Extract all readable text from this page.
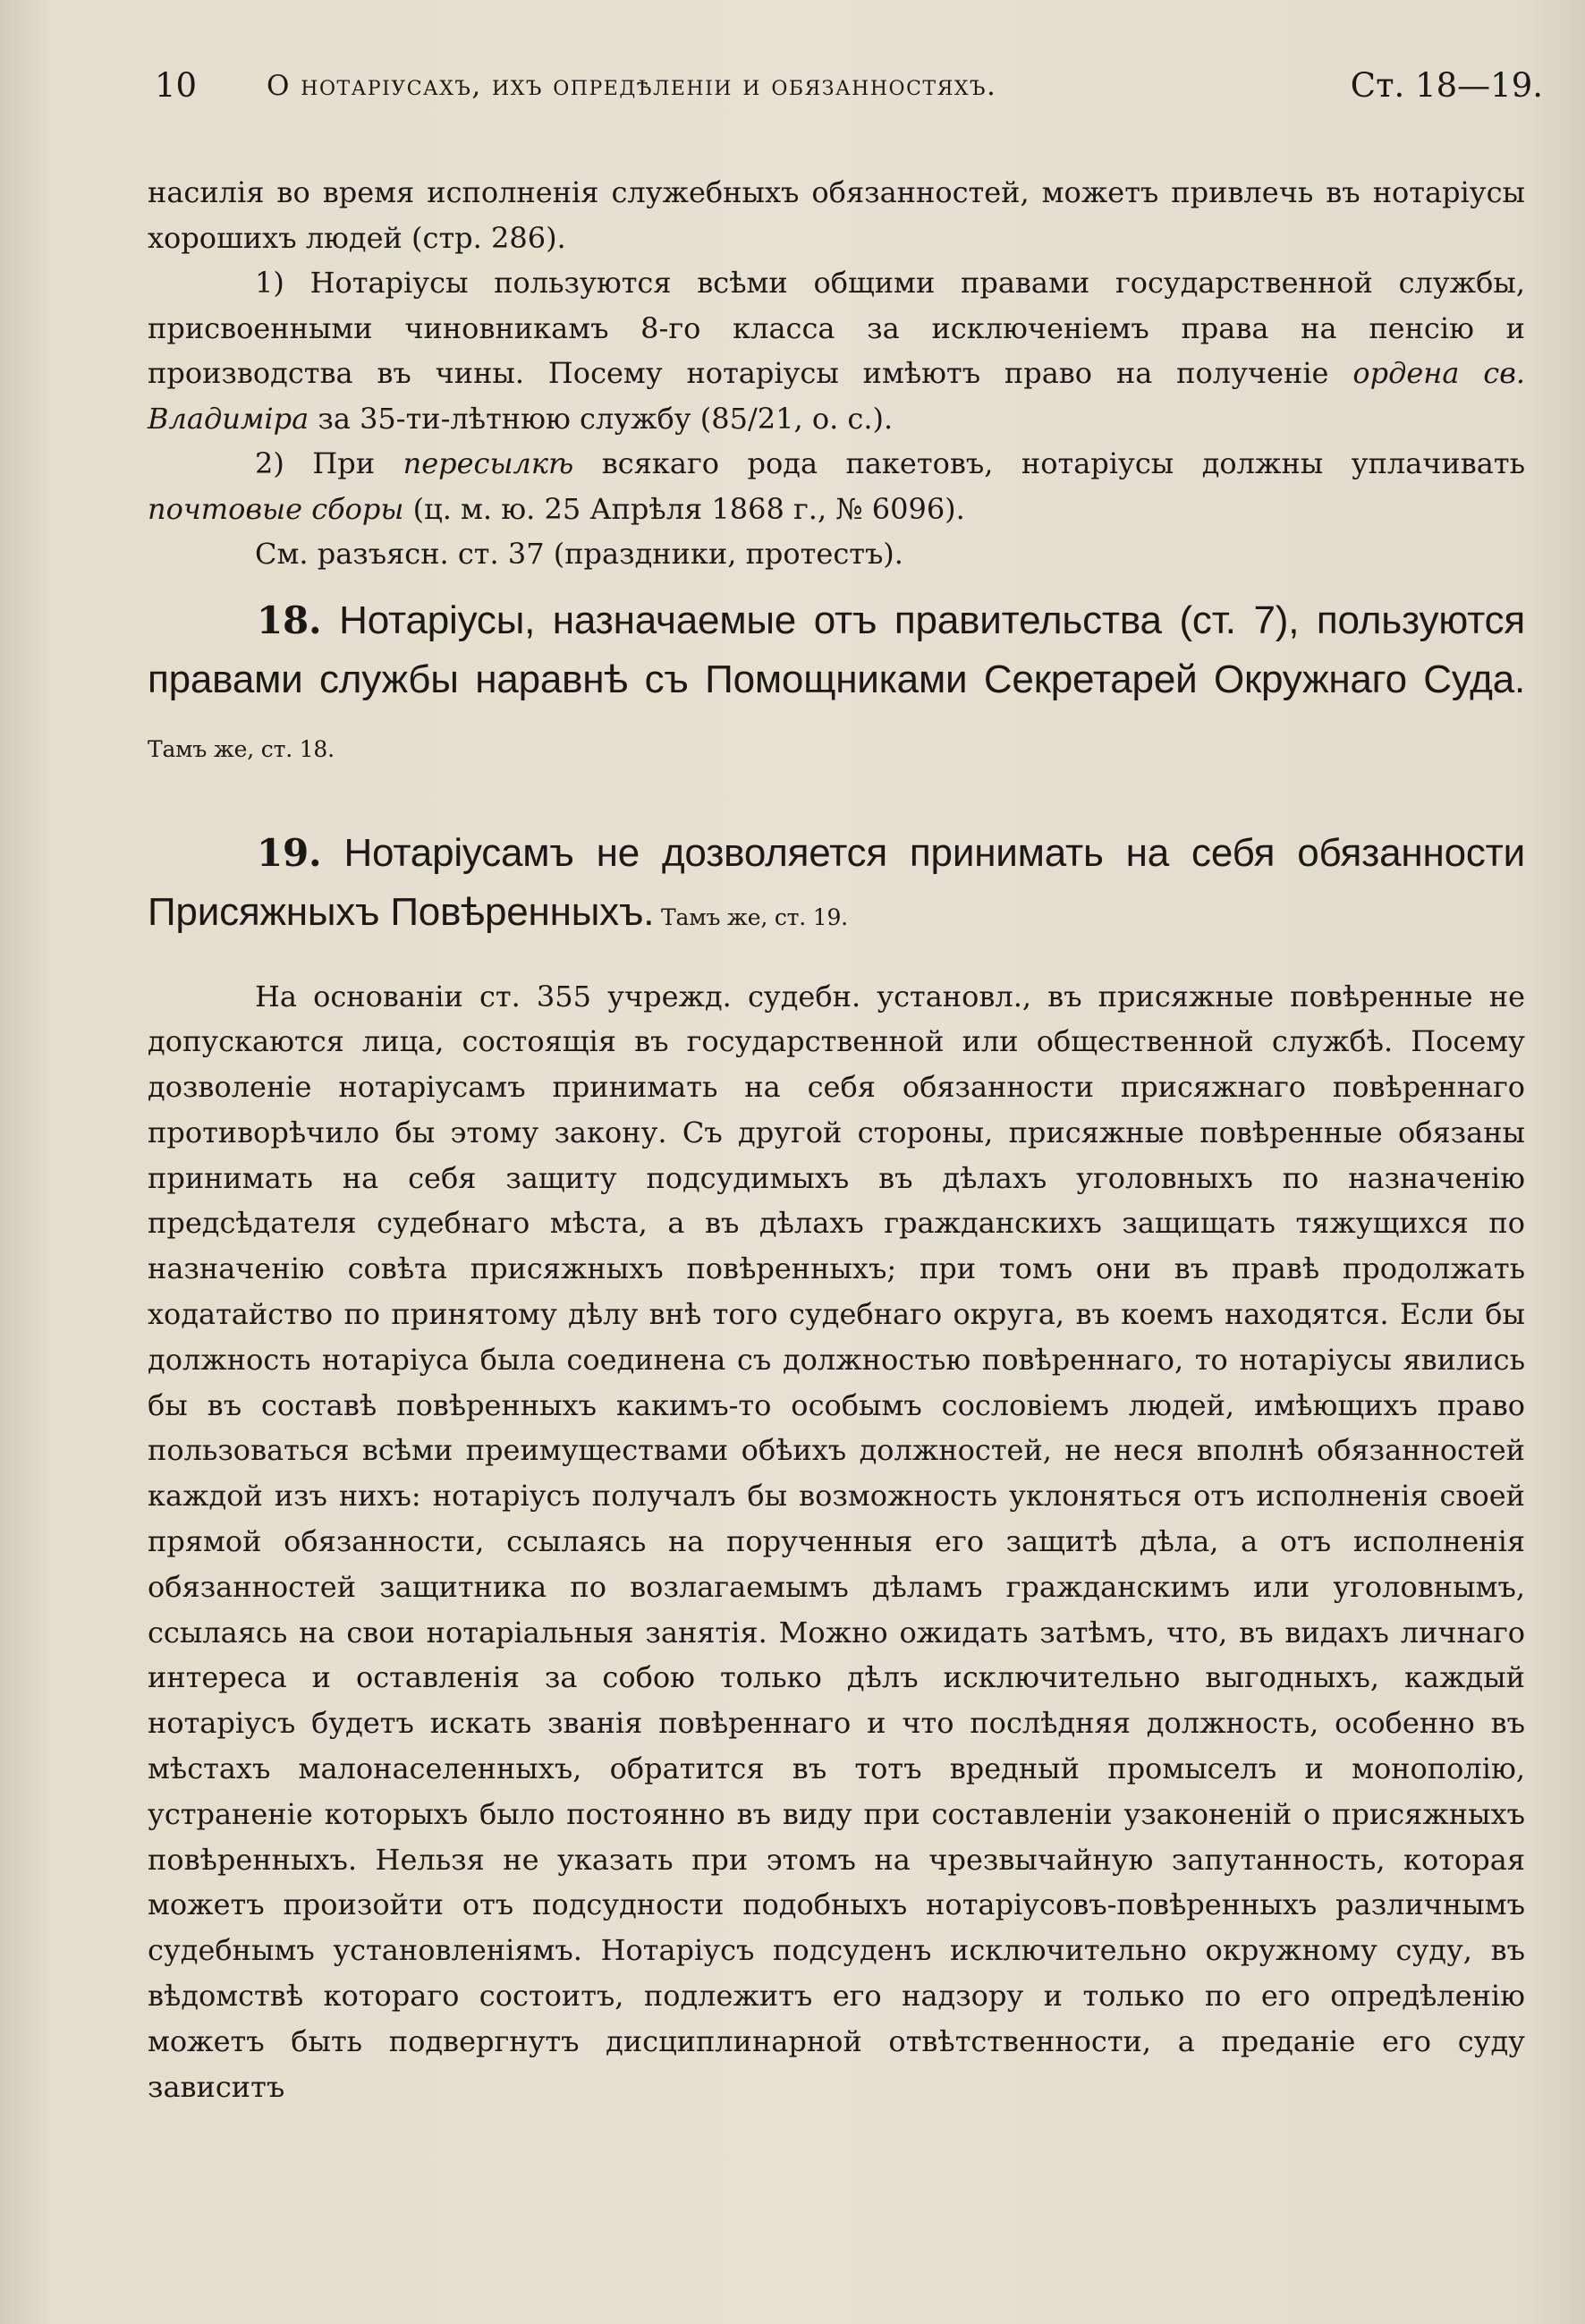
10	О нотаріусахъ, ихъ опредѣленіи и обязанностяхъ.	Ст. 18—19.

насилія во время исполненія служебныхъ обязанностей, можетъ привлечь въ нотаріусы хорошихъ людей (стр. 286).

1) Нотаріусы пользуются всѣми общими правами государственной службы, присвоенными чиновникамъ 8-го класса за исключеніемъ права на пенсію и производства въ чины. Посему нотаріусы имѣютъ право на полученіе ордена св. Владиміра за 35-ти-лѣтнюю службу (85/21, о. с.).

2) При пересылкѣ всякаго рода пакетовъ, нотаріусы должны уплачивать почтовые сборы (ц. м. ю. 25 Апрѣля 1868 г., № 6096).

См. разъясн. ст. 37 (праздники, протестъ).

18. Нотаріусы, назначаемые отъ правительства (ст. 7), пользуются правами службы наравнѣ съ Помощниками Секретарей Окружнаго Суда. Тамъ же, ст. 18.

19. Нотаріусамъ не дозволяется принимать на себя обязанности Присяжныхъ Повѣренныхъ. Тамъ же, ст. 19.

На основаніи ст. 355 учрежд. судебн. установл., въ присяжные повѣренные не допускаются лица, состоящія въ государственной или общественной службѣ. Посему дозволеніе нотаріусамъ принимать на себя обязанности присяжнаго повѣреннаго противорѣчило бы этому закону. Съ другой стороны, присяжные повѣренные обязаны принимать на себя защиту подсудимыхъ въ дѣлахъ уголовныхъ по назначенію предсѣдателя судебнаго мѣста, а въ дѣлахъ гражданскихъ защищать тяжущихся по назначенію совѣта присяжныхъ повѣренныхъ; при томъ они въ правѣ продолжать ходатайство по принятому дѣлу внѣ того судебнаго округа, въ коемъ находятся. Если бы должность нотаріуса была соединена съ должностью повѣреннаго, то нотаріусы явились бы въ составѣ повѣренныхъ какимъ-то особымъ сословіемъ людей, имѣющихъ право пользоваться всѣми преимуществами обѣихъ должностей, не неся вполнѣ обязанностей каждой изъ нихъ: нотаріусъ получалъ бы возможность уклоняться отъ исполненія своей прямой обязанности, ссылаясь на порученныя его защитѣ дѣла, а отъ исполненія обязанностей защитника по возлагаемымъ дѣламъ гражданскимъ или уголовнымъ, ссылаясь на свои нотаріальныя занятія. Можно ожидать затѣмъ, что, въ видахъ личнаго интереса и оставленія за собою только дѣлъ исключительно выгодныхъ, каждый нотаріусъ будетъ искать званія повѣреннаго и что послѣдняя должность, особенно въ мѣстахъ малонаселенныхъ, обратится въ тотъ вредный промыселъ и монополію, устраненіе которыхъ было постоянно въ виду при составленіи узаконеній о присяжныхъ повѣренныхъ. Нельзя не указать при этомъ на чрезвычайную запутанность, которая можетъ произойти отъ подсудности подобныхъ нотаріусовъ-повѣренныхъ различнымъ судебнымъ установленіямъ. Нотаріусъ подсуденъ исключительно окружному суду, въ вѣдомствѣ котораго состоитъ, подлежитъ его надзору и только по его опредѣленію можетъ быть подвергнутъ дисциплинарной отвѣтственности, а преданіе его суду зависитъ
